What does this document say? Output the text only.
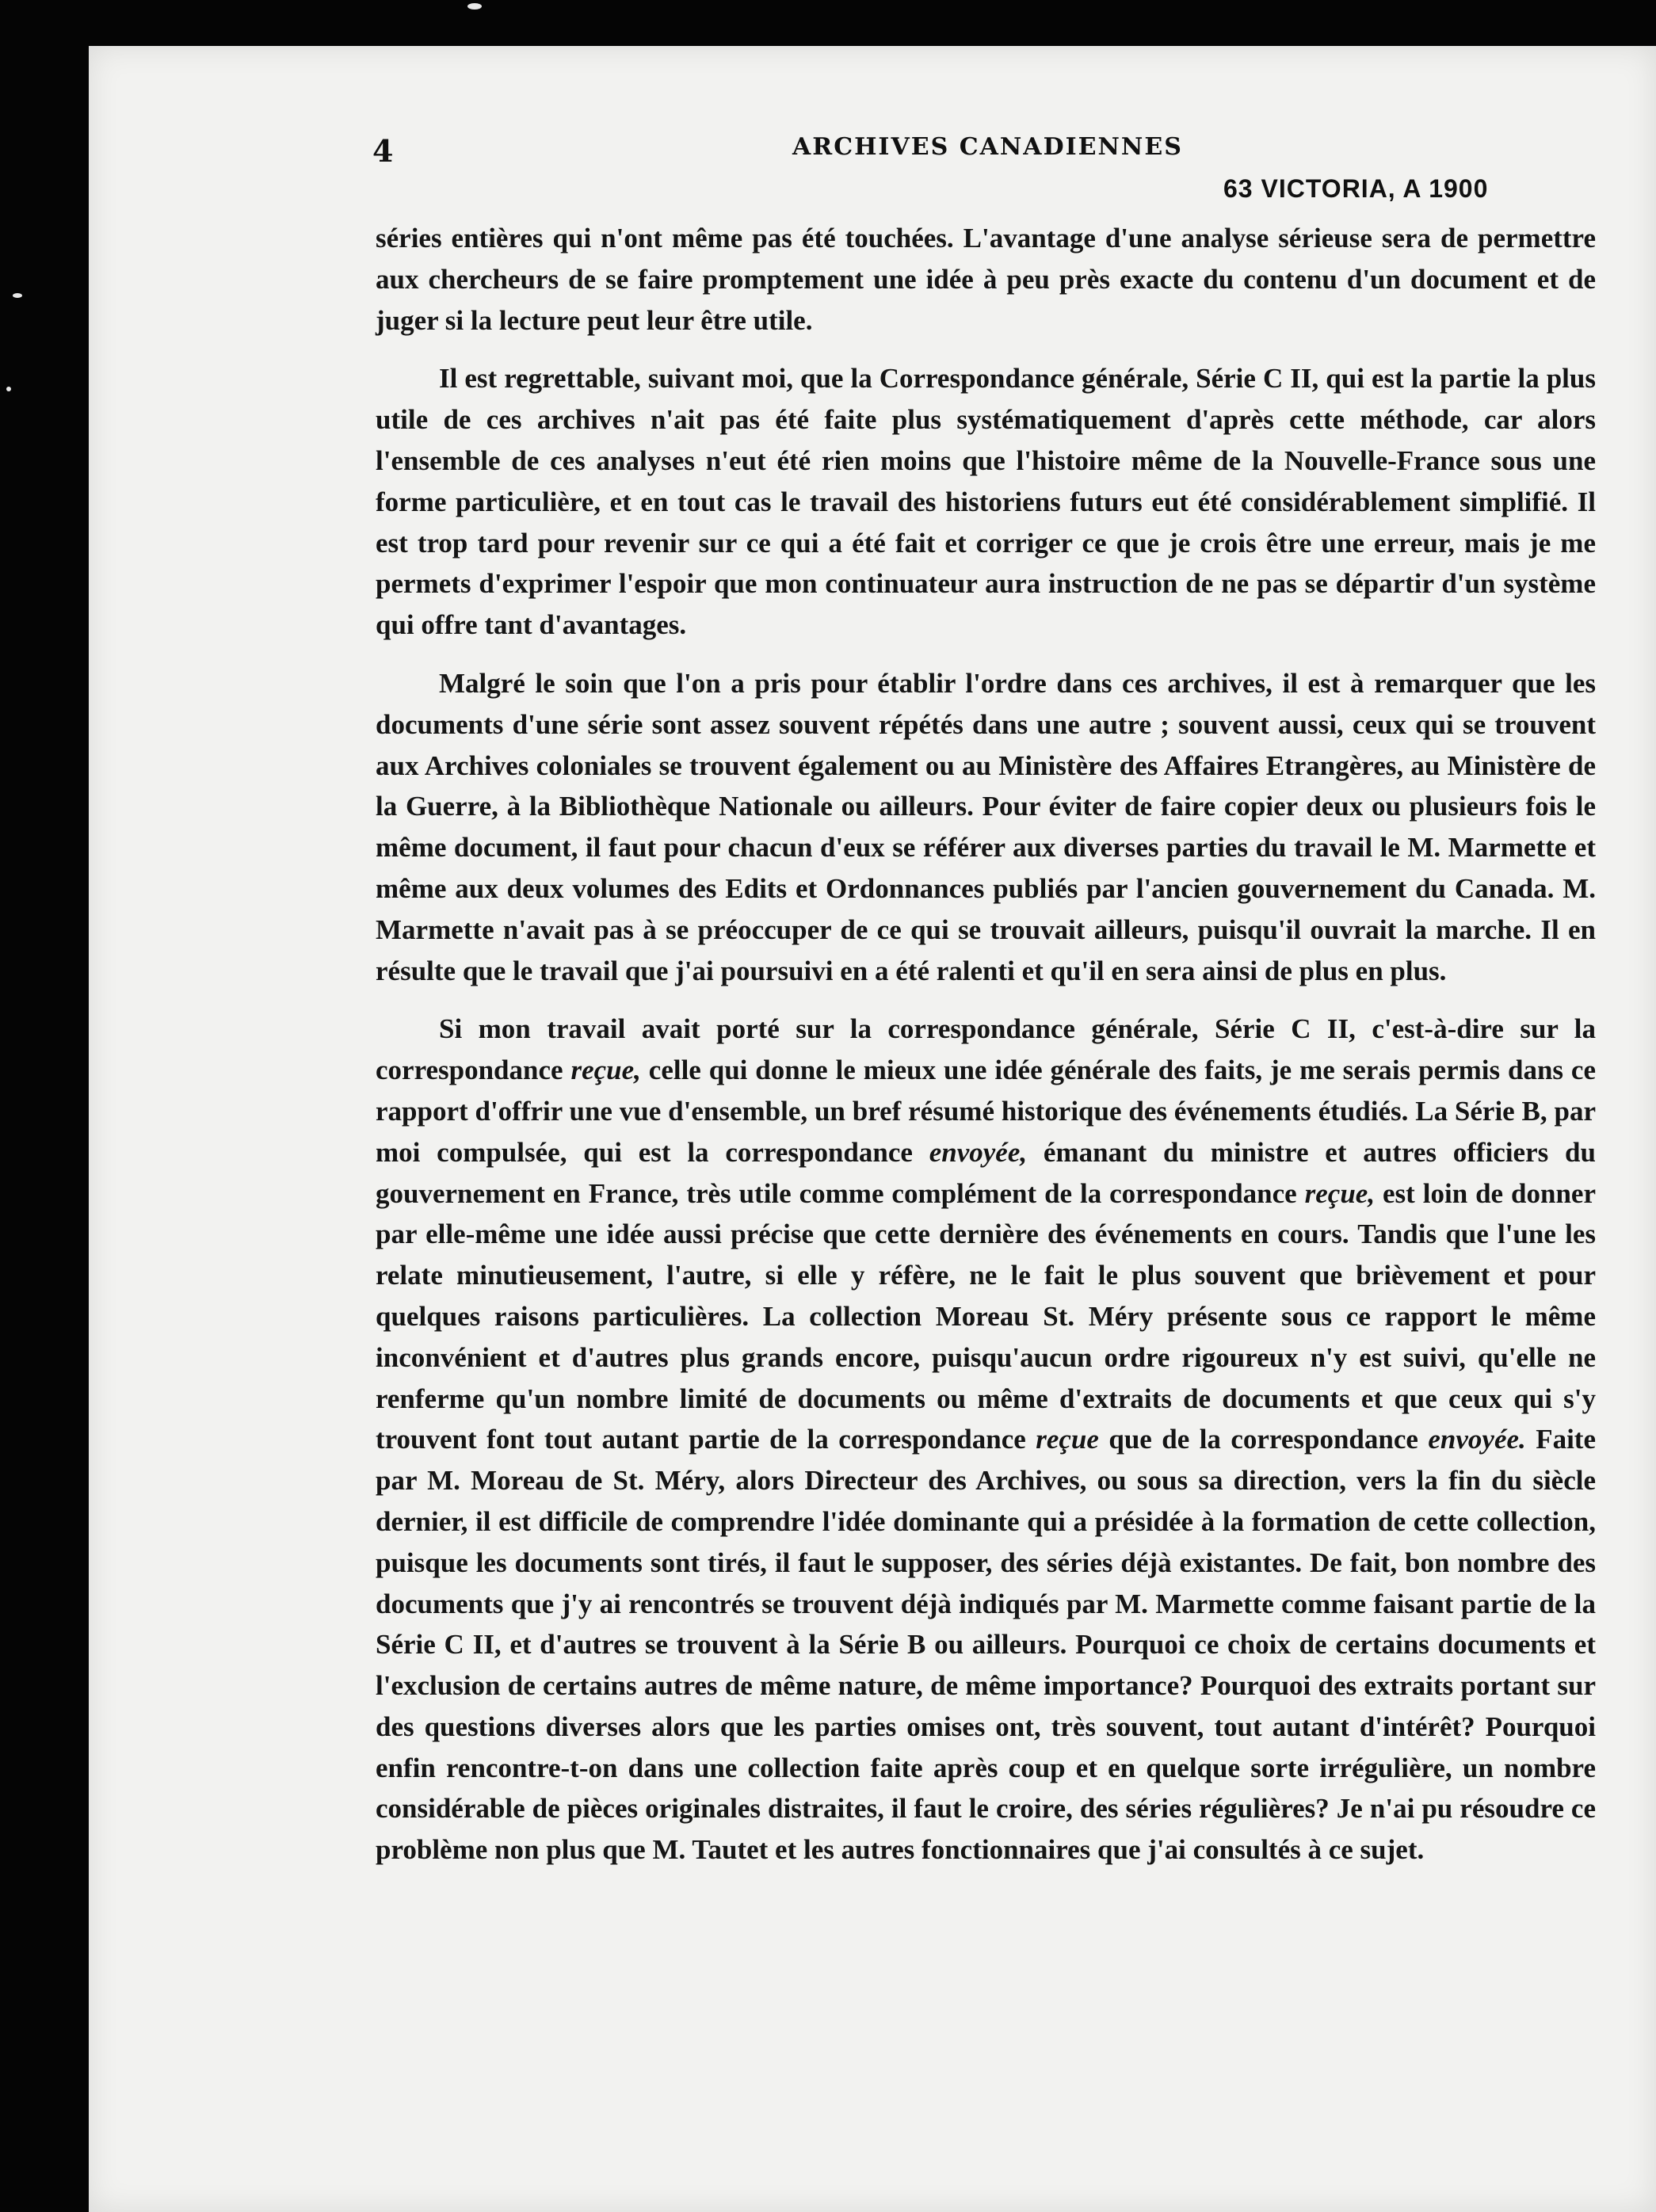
4	ARCHIVES CANADIENNES
63 VICTORIA, A 1900

séries entières qui n'ont même pas été touchées. L'avantage d'une analyse sérieuse sera de permettre aux chercheurs de se faire promptement une idée à peu près exacte du contenu d'un document et de juger si la lecture peut leur être utile.

Il est regrettable, suivant moi, que la Correspondance générale, Série C II, qui est la partie la plus utile de ces archives n'ait pas été faite plus systématiquement d'après cette méthode, car alors l'ensemble de ces analyses n'eut été rien moins que l'histoire même de la Nouvelle-France sous une forme particulière, et en tout cas le travail des historiens futurs eut été considérablement simplifié. Il est trop tard pour revenir sur ce qui a été fait et corriger ce que je crois être une erreur, mais je me permets d'exprimer l'espoir que mon continuateur aura instruction de ne pas se départir d'un système qui offre tant d'avantages.

Malgré le soin que l'on a pris pour établir l'ordre dans ces archives, il est à remarquer que les documents d'une série sont assez souvent répétés dans une autre ; souvent aussi, ceux qui se trouvent aux Archives coloniales se trouvent également ou au Ministère des Affaires Etrangères, au Ministère de la Guerre, à la Bibliothèque Nationale ou ailleurs. Pour éviter de faire copier deux ou plusieurs fois le même document, il faut pour chacun d'eux se référer aux diverses parties du travail le M. Marmette et même aux deux volumes des Edits et Ordonnances publiés par l'ancien gouvernement du Canada. M. Marmette n'avait pas à se préoccuper de ce qui se trouvait ailleurs, puisqu'il ouvrait la marche. Il en résulte que le travail que j'ai poursuivi en a été ralenti et qu'il en sera ainsi de plus en plus.

Si mon travail avait porté sur la correspondance générale, Série C II, c'est-à-dire sur la correspondance reçue, celle qui donne le mieux une idée générale des faits, je me serais permis dans ce rapport d'offrir une vue d'ensemble, un bref résumé historique des événements étudiés. La Série B, par moi compulsée, qui est la correspondance envoyée, émanant du ministre et autres officiers du gouvernement en France, très utile comme complément de la correspondance reçue, est loin de donner par elle-même une idée aussi précise que cette dernière des événements en cours. Tandis que l'une les relate minutieusement, l'autre, si elle y réfère, ne le fait le plus souvent que brièvement et pour quelques raisons particulières. La collection Moreau St. Méry présente sous ce rapport le même inconvénient et d'autres plus grands encore, puisqu'aucun ordre rigoureux n'y est suivi, qu'elle ne renferme qu'un nombre limité de documents ou même d'extraits de documents et que ceux qui s'y trouvent font tout autant partie de la correspondance reçue que de la correspondance envoyée. Faite par M. Moreau de St. Méry, alors Directeur des Archives, ou sous sa direction, vers la fin du siècle dernier, il est difficile de comprendre l'idée dominante qui a présidée à la formation de cette collection, puisque les documents sont tirés, il faut le supposer, des séries déjà existantes. De fait, bon nombre des documents que j'y ai rencontrés se trouvent déjà indiqués par M. Marmette comme faisant partie de la Série C II, et d'autres se trouvent à la Série B ou ailleurs. Pourquoi ce choix de certains documents et l'exclusion de certains autres de même nature, de même importance? Pourquoi des extraits portant sur des questions diverses alors que les parties omises ont, très souvent, tout autant d'intérêt? Pourquoi enfin rencontre-t-on dans une collection faite après coup et en quelque sorte irrégulière, un nombre considérable de pièces originales distraites, il faut le croire, des séries régulières? Je n'ai pu résoudre ce problème non plus que M. Tautet et les autres fonctionnaires que j'ai consultés à ce sujet.
